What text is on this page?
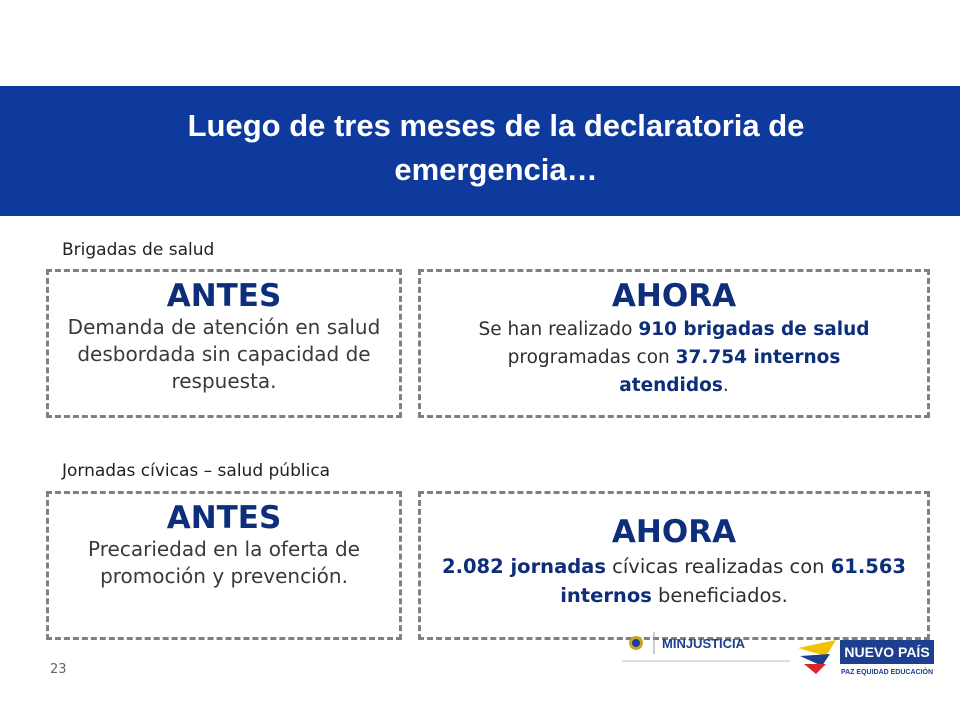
Luego de tres meses de la declaratoria de emergencia…
Brigadas de salud
ANTES
Demanda de atención en salud desbordada sin capacidad de respuesta.
AHORA
Se han realizado 910 brigadas de salud programadas con 37.754 internos atendidos.
Jornadas cívicas – salud pública
ANTES
Precariedad en la oferta de promoción y prevención.
AHORA
2.082 jornadas cívicas realizadas con 61.563 internos beneficiados.
23
MINJUSTICIA
NUEVO PAÍS
PAZ EQUIDAD EDUCACIÓN
